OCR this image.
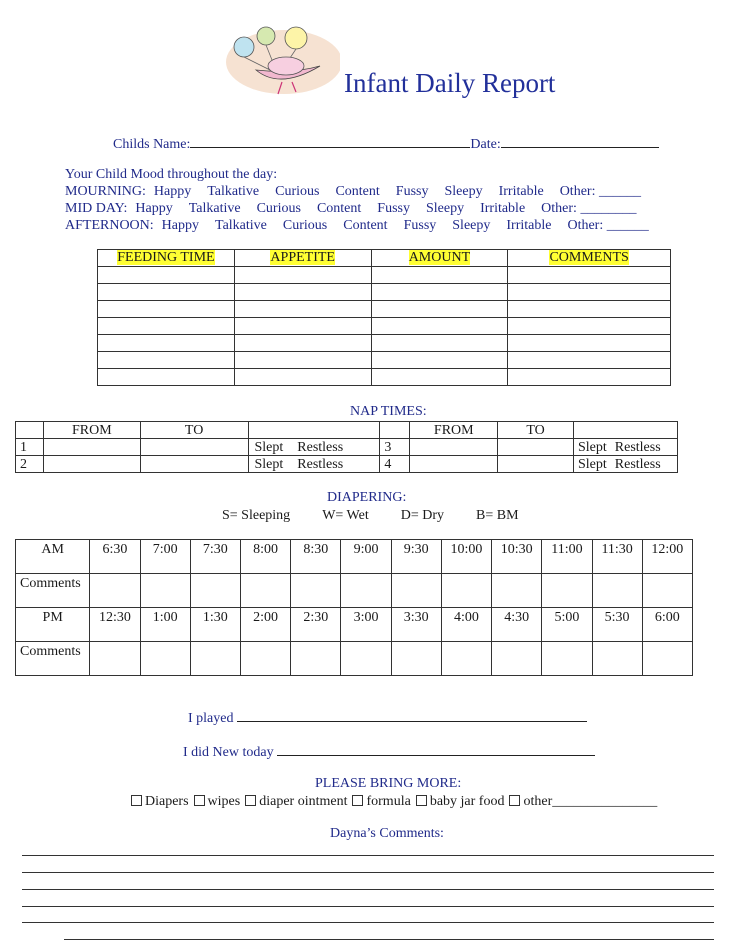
Infant Daily Report
Childs Name:	Date:
Your Child Mood throughout the day:
MOURNING: Happy Talkative Curious Content Fussy Sleepy Irritable Other: ______
MID DAY: Happy Talkative Curious Content Fussy Sleepy Irritable Other: ________
AFTERNOON: Happy Talkative Curious Content Fussy Sleepy Irritable Other: ______
FEEDING TIME	APPETITE	AMOUNT	COMMENTS

NAP TIMES:
	FROM	TO			FROM	TO	
1			Slept Restless	3			Slept Restless
2			Slept Restless	4			Slept Restless
DIAPERING:
S= Sleeping W= Wet D= Dry B= BM
AM	6:30	7:00	7:30	8:00	8:30	9:00	9:30	10:00	10:30	11:00	11:30	12:00
Comments												
PM	12:30	1:00	1:30	2:00	2:30	3:00	3:30	4:00	4:30	5:00	5:30	6:00
Comments												
I played
I did New today
PLEASE BRING MORE:
Diapers wipes diaper ointment formula baby jar food other_______________
Dayna’s Comments:
